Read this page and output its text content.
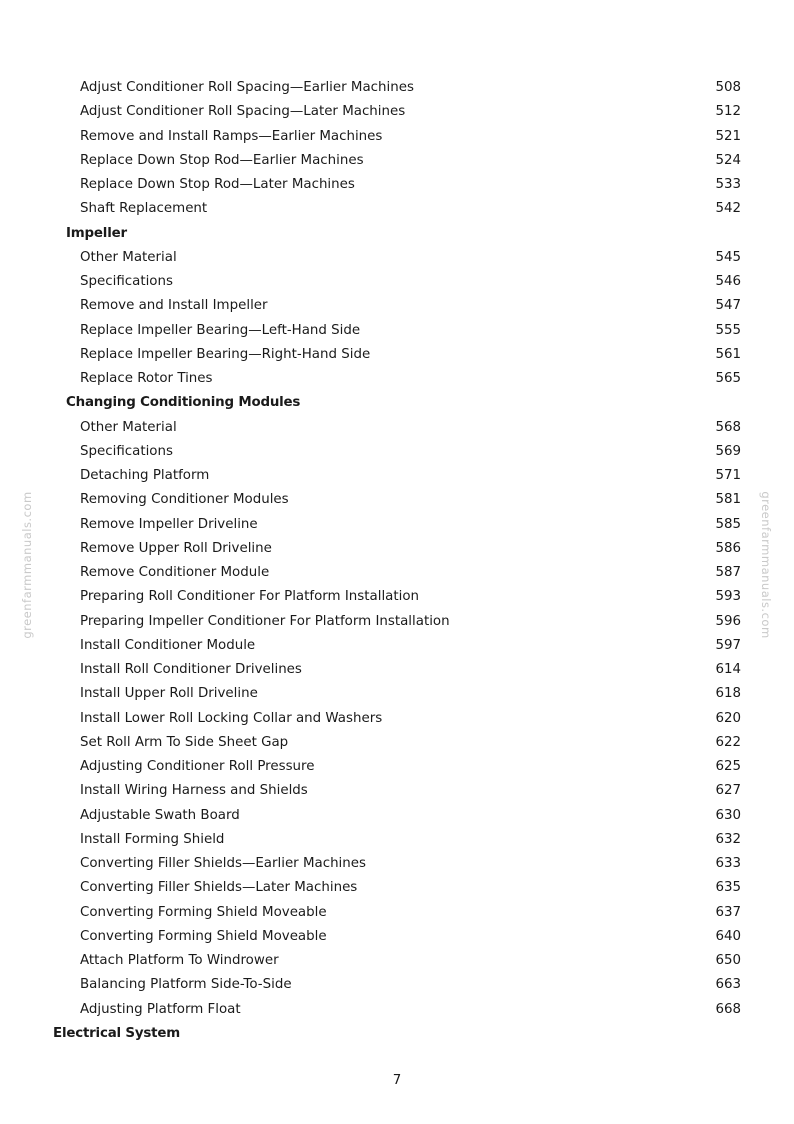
Adjust Conditioner Roll Spacing—Earlier Machines	508
Adjust Conditioner Roll Spacing—Later Machines	512
Remove and Install Ramps—Earlier Machines	521
Replace Down Stop Rod—Earlier Machines	524
Replace Down Stop Rod—Later Machines	533
Shaft Replacement	542
Impeller
Other Material	545
Specifications	546
Remove and Install Impeller	547
Replace Impeller Bearing—Left-Hand Side	555
Replace Impeller Bearing—Right-Hand Side	561
Replace Rotor Tines	565
Changing Conditioning Modules
Other Material	568
Specifications	569
Detaching Platform	571
Removing Conditioner Modules	581
Remove Impeller Driveline	585
Remove Upper Roll Driveline	586
Remove Conditioner Module	587
Preparing Roll Conditioner For Platform Installation	593
Preparing Impeller Conditioner For Platform Installation	596
Install Conditioner Module	597
Install Roll Conditioner Drivelines	614
Install Upper Roll Driveline	618
Install Lower Roll Locking Collar and Washers	620
Set Roll Arm To Side Sheet Gap	622
Adjusting Conditioner Roll Pressure	625
Install Wiring Harness and Shields	627
Adjustable Swath Board	630
Install Forming Shield	632
Converting Filler Shields—Earlier Machines	633
Converting Filler Shields—Later Machines	635
Converting Forming Shield Moveable	637
Converting Forming Shield Moveable	640
Attach Platform To Windrower	650
Balancing Platform Side-To-Side	663
Adjusting Platform Float	668
Electrical System
7
greenfarmmanuals.com	greenfarmmanuals.com
